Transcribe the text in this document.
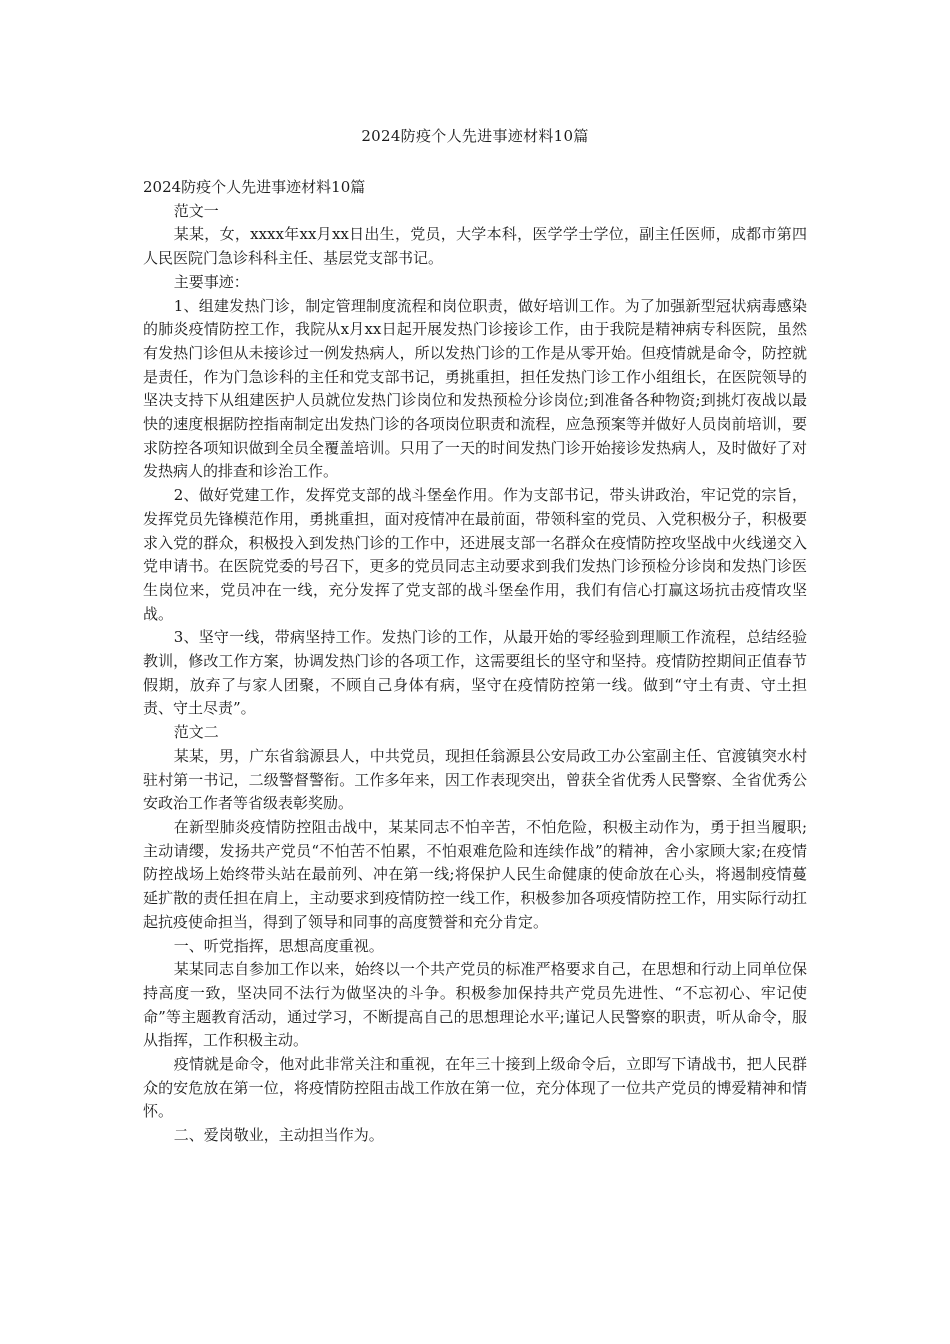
2024防疫个人先进事迹材料10篇

2024防疫个人先进事迹材料10篇

范文一

某某，女，xxxx年xx月xx日出生，党员，大学本科，医学学士学位，副主任医师，成都市第四人民医院门急诊科科主任、基层党支部书记。

主要事迹：

1、组建发热门诊，制定管理制度流程和岗位职责，做好培训工作。为了加强新型冠状病毒感染的肺炎疫情防控工作，我院从x月xx日起开展发热门诊接诊工作，由于我院是精神病专科医院，虽然有发热门诊但从未接诊过一例发热病人，所以发热门诊的工作是从零开始。但疫情就是命令，防控就是责任，作为门急诊科的主任和党支部书记，勇挑重担，担任发热门诊工作小组组长，在医院领导的坚决支持下从组建医护人员就位发热门诊岗位和发热预检分诊岗位;到准备各种物资;到挑灯夜战以最快的速度根据防控指南制定出发热门诊的各项岗位职责和流程，应急预案等并做好人员岗前培训，要求防控各项知识做到全员全覆盖培训。只用了一天的时间发热门诊开始接诊发热病人，及时做好了对发热病人的排查和诊治工作。

2、做好党建工作，发挥党支部的战斗堡垒作用。作为支部书记，带头讲政治，牢记党的宗旨，发挥党员先锋模范作用，勇挑重担，面对疫情冲在最前面，带领科室的党员、入党积极分子，积极要求入党的群众，积极投入到发热门诊的工作中，还进展支部一名群众在疫情防控攻坚战中火线递交入党申请书。在医院党委的号召下，更多的党员同志主动要求到我们发热门诊预检分诊岗和发热门诊医生岗位来，党员冲在一线，充分发挥了党支部的战斗堡垒作用，我们有信心打赢这场抗击疫情攻坚战。

3、坚守一线，带病坚持工作。发热门诊的工作，从最开始的零经验到理顺工作流程，总结经验教训，修改工作方案，协调发热门诊的各项工作，这需要组长的坚守和坚持。疫情防控期间正值春节假期，放弃了与家人团聚，不顾自己身体有病，坚守在疫情防控第一线。做到“守土有责、守土担责、守土尽责”。

范文二

某某，男，广东省翁源县人，中共党员，现担任翁源县公安局政工办公室副主任、官渡镇突水村驻村第一书记，二级警督警衔。工作多年来，因工作表现突出，曾获全省优秀人民警察、全省优秀公安政治工作者等省级表彰奖励。

在新型肺炎疫情防控阻击战中，某某同志不怕辛苦，不怕危险，积极主动作为，勇于担当履职;主动请缨，发扬共产党员“不怕苦不怕累，不怕艰难危险和连续作战”的精神，舍小家顾大家;在疫情防控战场上始终带头站在最前列、冲在第一线;将保护人民生命健康的使命放在心头，将遏制疫情蔓延扩散的责任担在肩上，主动要求到疫情防控一线工作，积极参加各项疫情防控工作，用实际行动扛起抗疫使命担当，得到了领导和同事的高度赞誉和充分肯定。

一、听党指挥，思想高度重视。

某某同志自参加工作以来，始终以一个共产党员的标准严格要求自己，在思想和行动上同单位保持高度一致，坚决同不法行为做坚决的斗争。积极参加保持共产党员先进性、“不忘初心、牢记使命”等主题教育活动，通过学习，不断提高自己的思想理论水平;谨记人民警察的职责，听从命令，服从指挥，工作积极主动。

疫情就是命令，他对此非常关注和重视，在年三十接到上级命令后，立即写下请战书，把人民群众的安危放在第一位，将疫情防控阻击战工作放在第一位，充分体现了一位共产党员的博爱精神和情怀。

二、爱岗敬业，主动担当作为。
